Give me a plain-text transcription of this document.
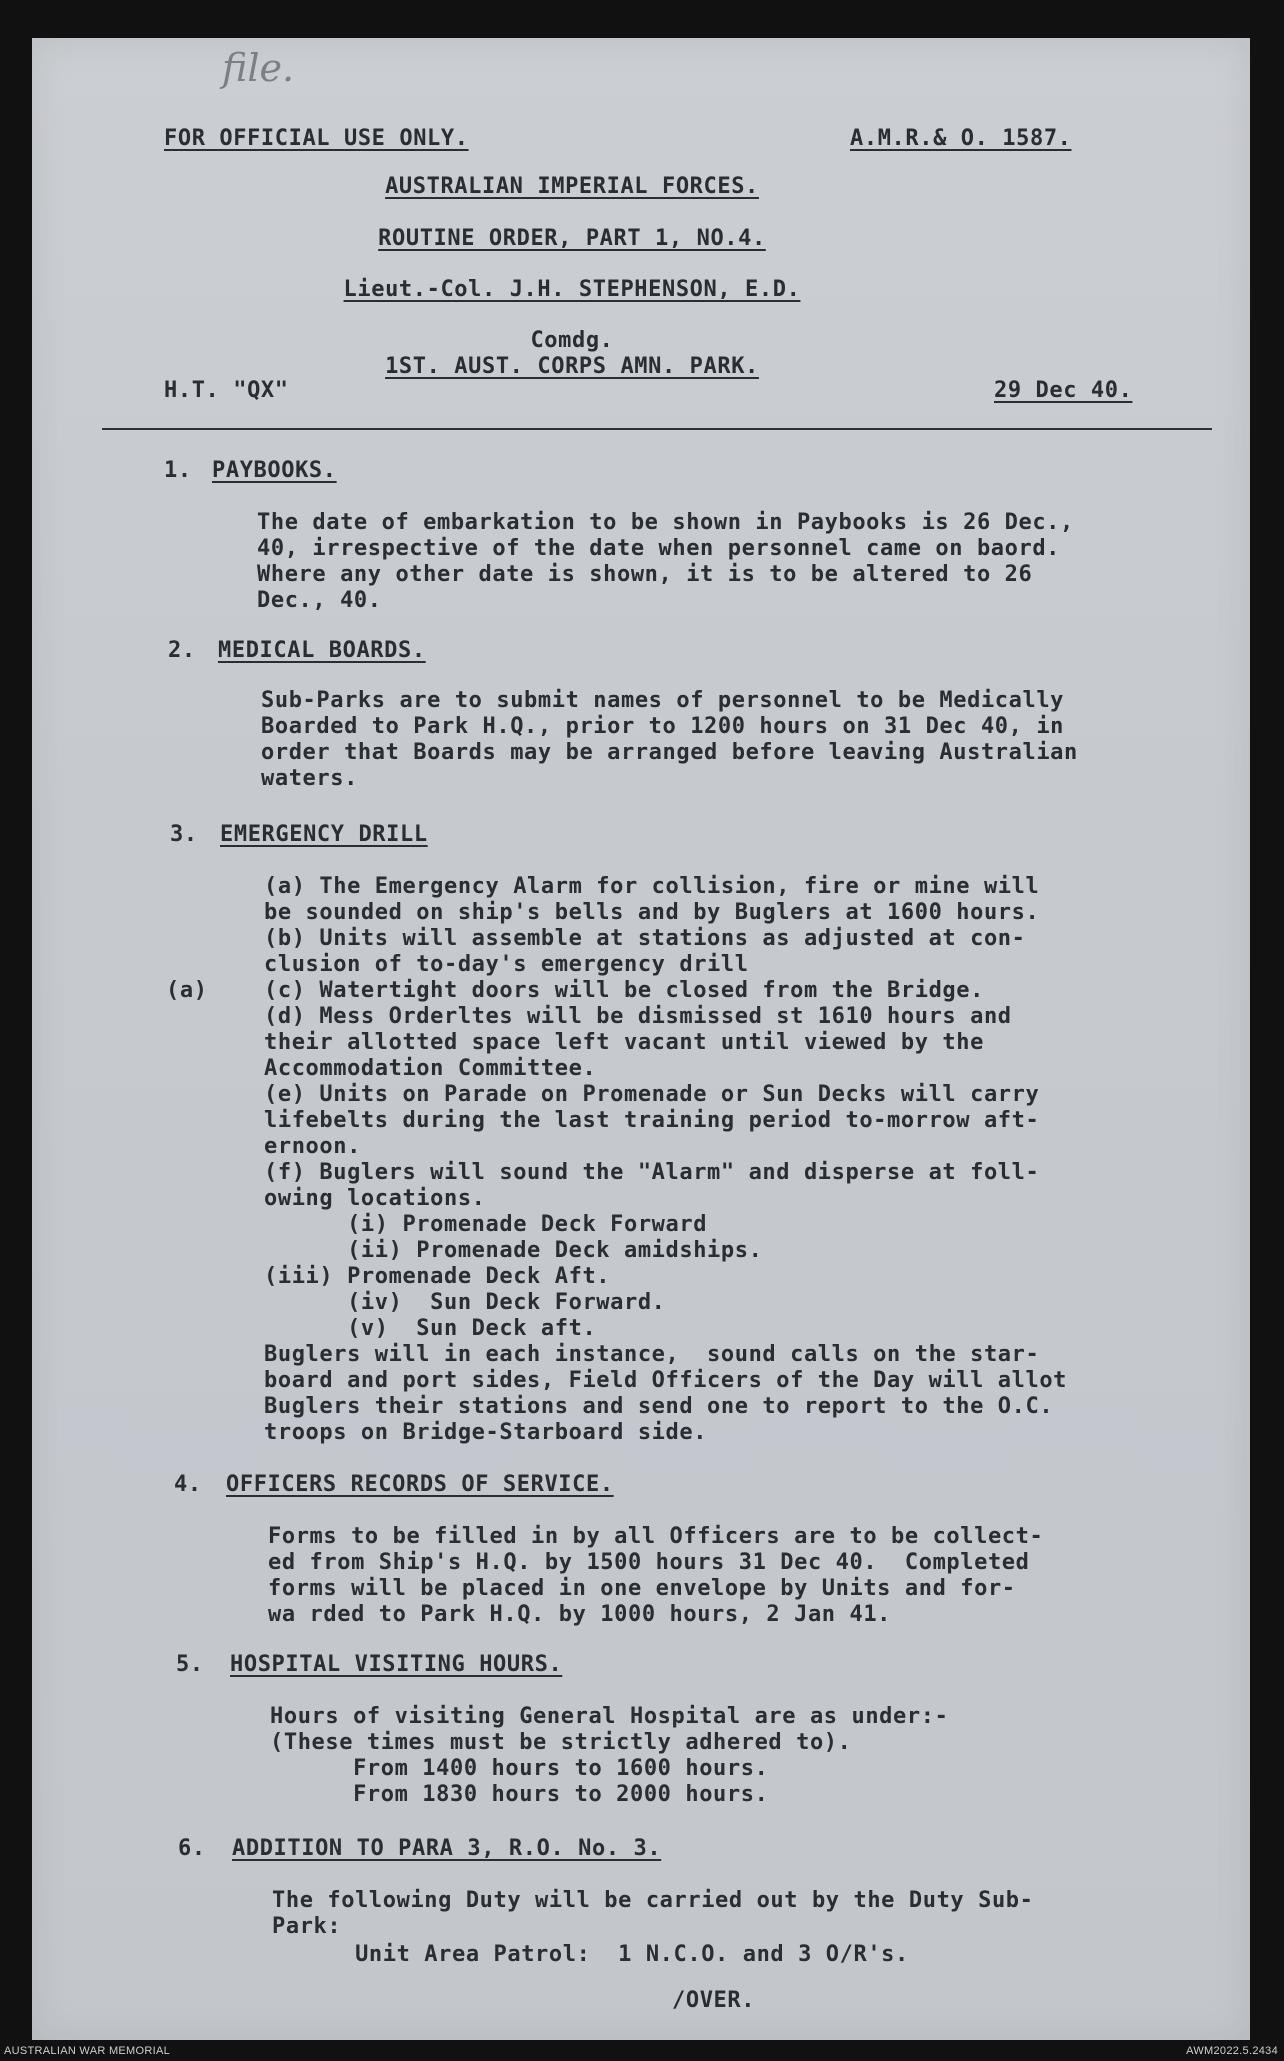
file.
FOR OFFICIAL USE ONLY.	A.M.R.& O. 1587.
AUSTRALIAN IMPERIAL FORCES.
ROUTINE ORDER, PART 1, NO.4.
Lieut.-Col. J.H. STEPHENSON, E.D.
Comdg.
1ST. AUST. CORPS AMN. PARK.
H.T. "QX"	29 Dec 40.
1. PAYBOOKS.
The date of embarkation to be shown in Paybooks is 26 Dec.,
40, irrespective of the date when personnel came on baord.
Where any other date is shown, it is to be altered to 26
Dec., 40.
2. MEDICAL BOARDS.
Sub-Parks are to submit names of personnel to be Medically
Boarded to Park H.Q., prior to 1200 hours on 31 Dec 40, in
order that Boards may be arranged before leaving Australian
waters.
3. EMERGENCY DRILL
(a)
(a) The Emergency Alarm for collision, fire or mine will
be sounded on ship's bells and by Buglers at 1600 hours.
(b) Units will assemble at stations as adjusted at con-
clusion of to-day's emergency drill
(c) Watertight doors will be closed from the Bridge.
(d) Mess Orderltes will be dismissed st 1610 hours and
their allotted space left vacant until viewed by the
Accommodation Committee.
(e) Units on Parade on Promenade or Sun Decks will carry
lifebelts during the last training period to-morrow aft-
ernoon.
(f) Buglers will sound the "Alarm" and disperse at foll-
owing locations.
(i) Promenade Deck Forward
(ii) Promenade Deck amidships.
(iii) Promenade Deck Aft.
(iv)  Sun Deck Forward.
(v)  Sun Deck aft.
Buglers will in each instance,  sound calls on the star-
board and port sides, Field Officers of the Day will allot
Buglers their stations and send one to report to the O.C.
troops on Bridge-Starboard side.
4. OFFICERS RECORDS OF SERVICE.
Forms to be filled in by all Officers are to be collect-
ed from Ship's H.Q. by 1500 hours 31 Dec 40.  Completed
forms will be placed in one envelope by Units and for-
wa rded to Park H.Q. by 1000 hours, 2 Jan 41.
5. HOSPITAL VISITING HOURS.
Hours of visiting General Hospital are as under:-
(These times must be strictly adhered to).
From 1400 hours to 1600 hours.
From 1830 hours to 2000 hours.
6. ADDITION TO PARA 3, R.O. No. 3.
The following Duty will be carried out by the Duty Sub-
Park:
Unit Area Patrol:  1 N.C.O. and 3 O/R's.
/OVER.
AUSTRALIAN WAR MEMORIAL	AWM2022.5.2434
